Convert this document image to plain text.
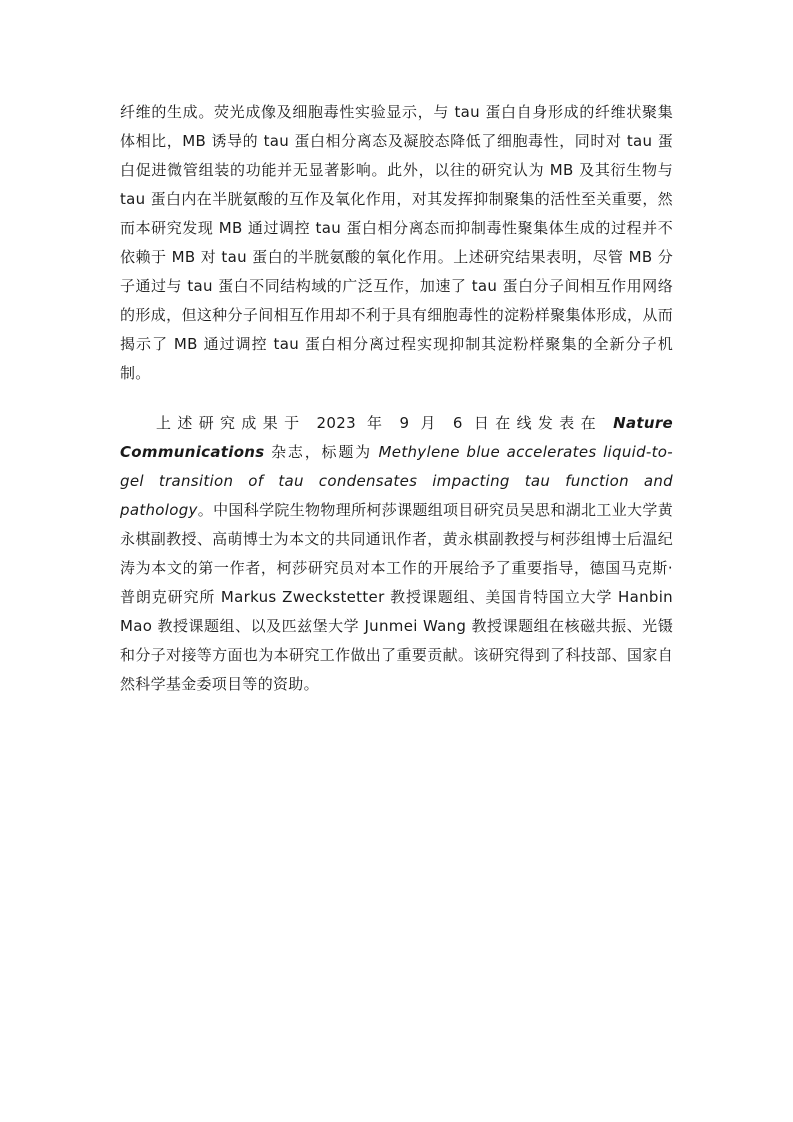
纤维的生成。荧光成像及细胞毒性实验显示，与 tau 蛋白自身形成的纤维状聚集体相比，MB 诱导的 tau 蛋白相分离态及凝胶态降低了细胞毒性，同时对 tau 蛋白促进微管组装的功能并无显著影响。此外，以往的研究认为 MB 及其衍生物与 tau 蛋白内在半胱氨酸的互作及氧化作用，对其发挥抑制聚集的活性至关重要，然而本研究发现 MB 通过调控 tau 蛋白相分离态而抑制毒性聚集体生成的过程并不依赖于 MB 对 tau 蛋白的半胱氨酸的氧化作用。上述研究结果表明，尽管 MB 分子通过与 tau 蛋白不同结构域的广泛互作，加速了 tau 蛋白分子间相互作用网络的形成，但这种分子间相互作用却不利于具有细胞毒性的淀粉样聚集体形成，从而揭示了 MB 通过调控 tau 蛋白相分离过程实现抑制其淀粉样聚集的全新分子机制。

上述研究成果于 2023 年 9 月 6 日在线发表在 Nature Communications 杂志，标题为 Methylene blue accelerates liquid-to-gel transition of tau condensates impacting tau function and pathology。中国科学院生物物理所柯莎课题组项目研究员吴思和湖北工业大学黄永棋副教授、高萌博士为本文的共同通讯作者，黄永棋副教授与柯莎组博士后温纪涛为本文的第一作者，柯莎研究员对本工作的开展给予了重要指导，德国马克斯·普朗克研究所 Markus Zweckstetter 教授课题组、美国肯特国立大学 Hanbin Mao 教授课题组、以及匹兹堡大学 Junmei Wang 教授课题组在核磁共振、光镊和分子对接等方面也为本研究工作做出了重要贡献。该研究得到了科技部、国家自然科学基金委项目等的资助。
